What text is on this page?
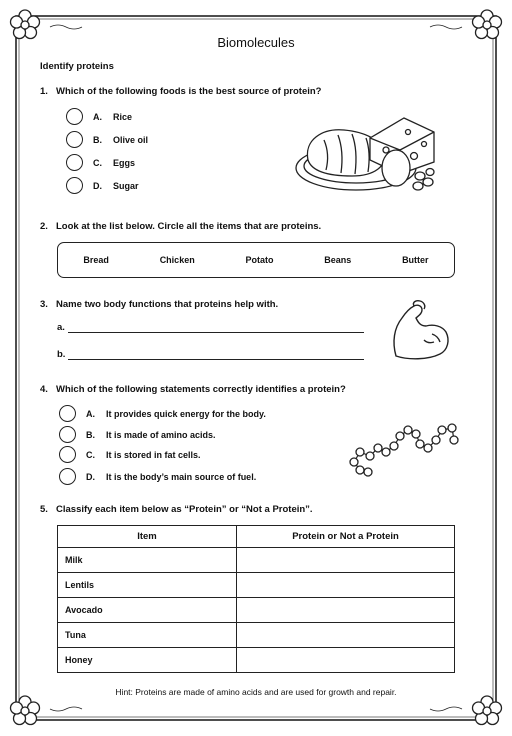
Biomolecules
Identify proteins
1. Which of the following foods is the best source of protein?
A.	Rice
B.	Olive oil
C.	Eggs
D.	Sugar
2. Look at the list below. Circle all the items that are proteins.
Bread	Chicken	Potato	Beans	Butter
3. Name two body functions that proteins help with.
a.
b.
4. Which of the following statements correctly identifies a protein?
A.	It provides quick energy for the body.
B.	It is made of amino acids.
C.	It is stored in fat cells.
D.	It is the body’s main source of fuel.
5. Classify each item below as “Protein” or “Not a Protein”.
Item	Protein or Not a Protein
Milk	
Lentils	
Avocado	
Tuna	
Honey	
Hint: Proteins are made of amino acids and are used for growth and repair.
